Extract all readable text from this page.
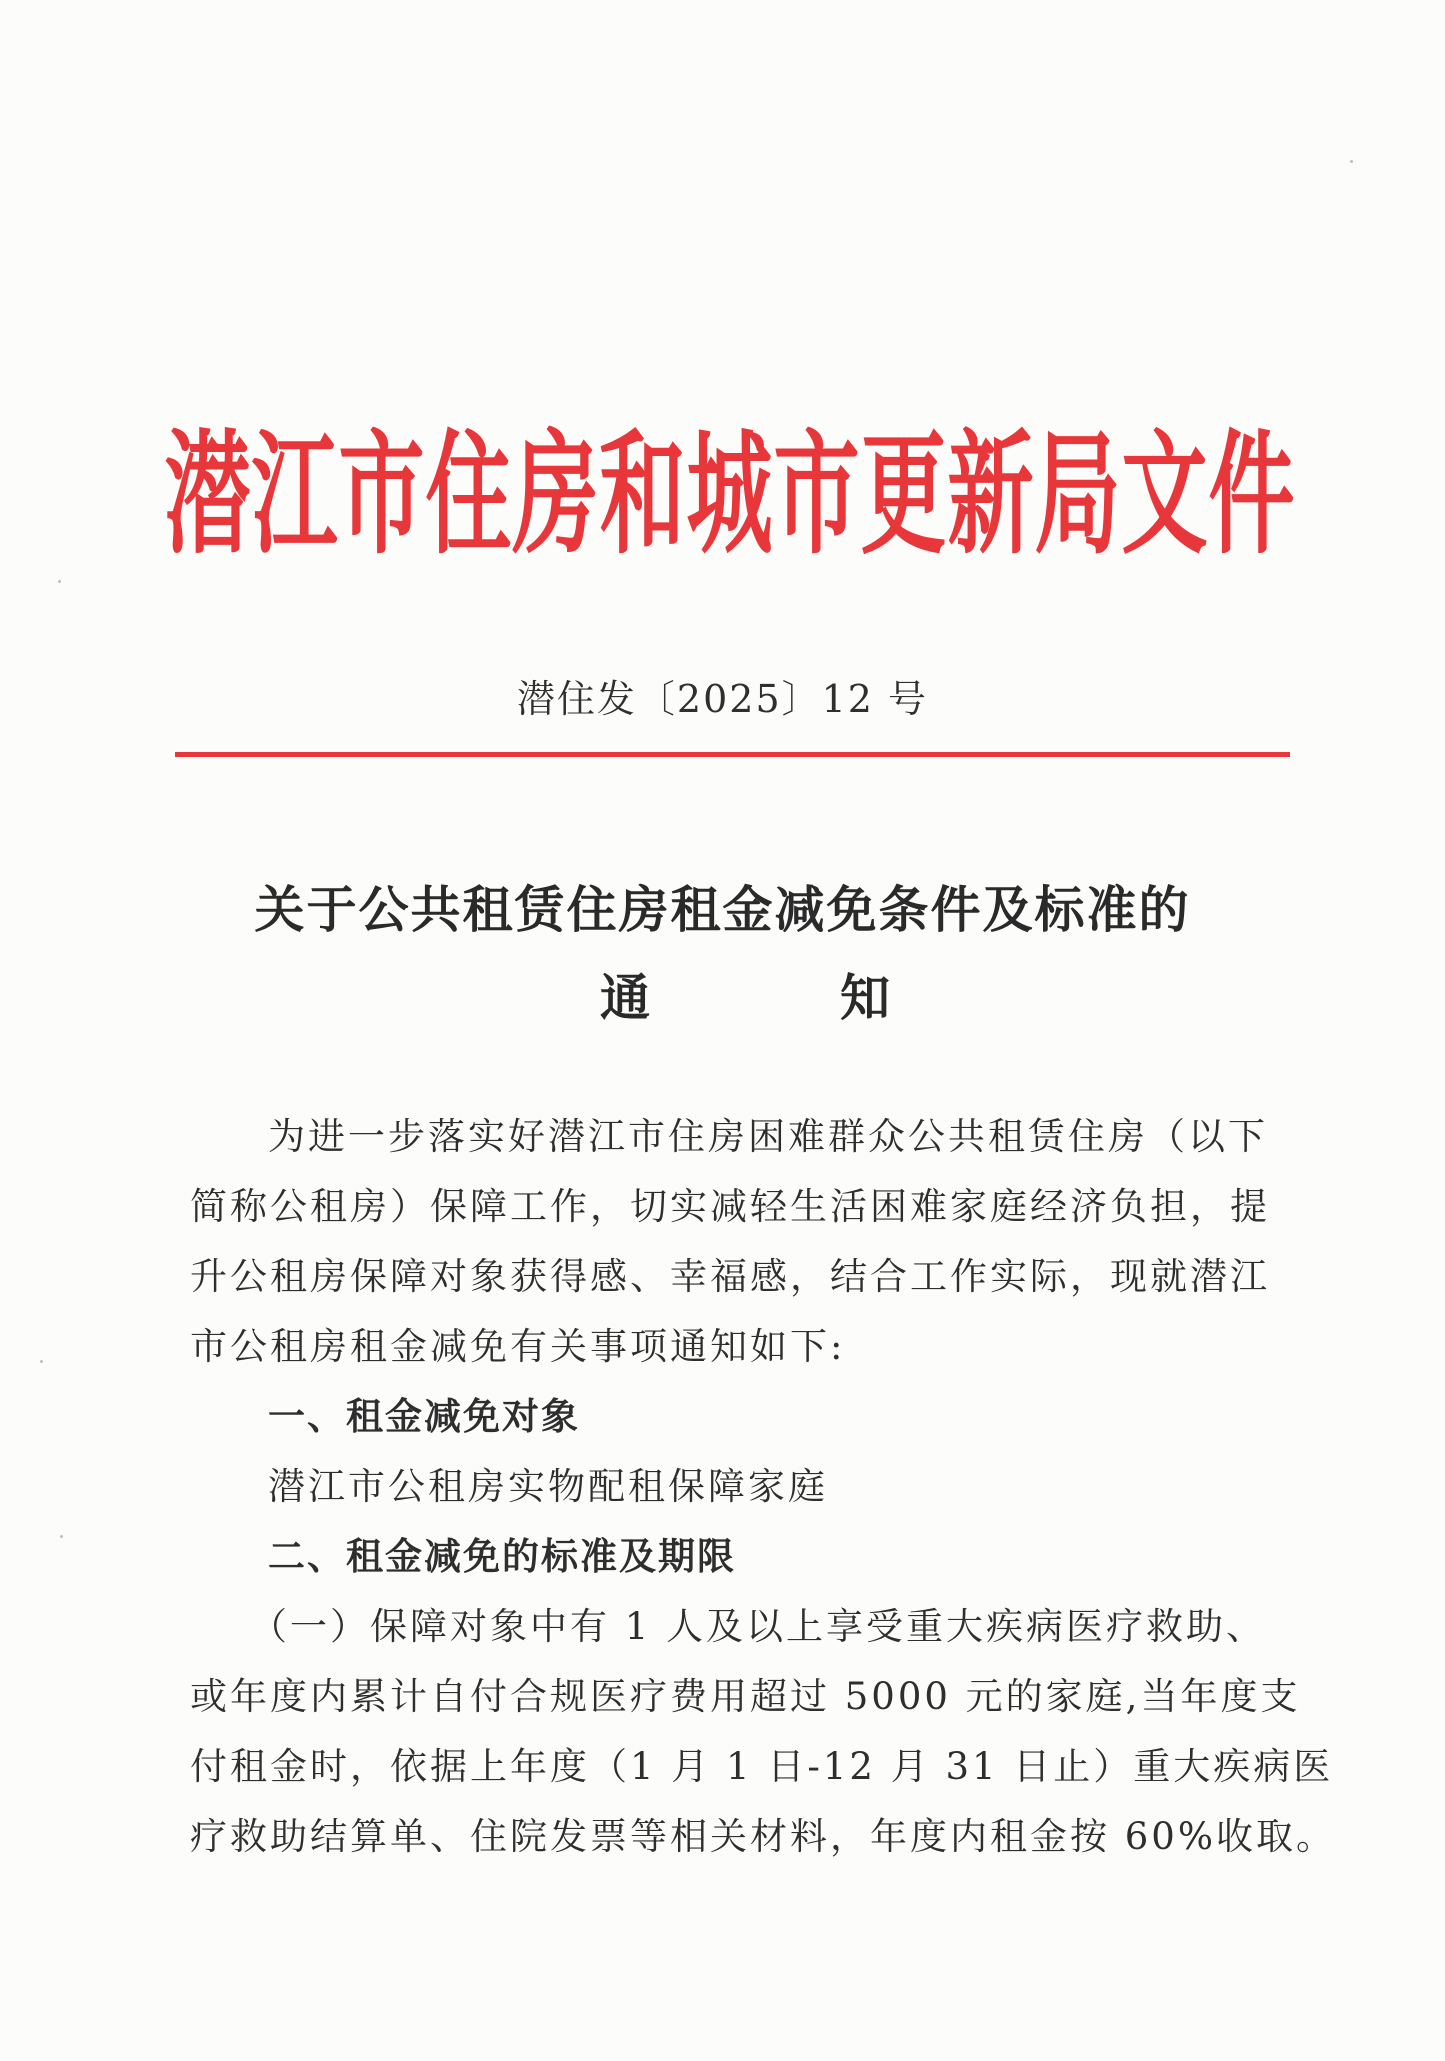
潜江市住房和城市更新局文件
潜住发〔2025〕12 号
关于公共租赁住房租金减免条件及标准的
通	知
为进一步落实好潜江市住房困难群众公共租赁住房（以下
简称公租房）保障工作，切实减轻生活困难家庭经济负担，提
升公租房保障对象获得感、幸福感，结合工作实际，现就潜江
市公租房租金减免有关事项通知如下:
一、租金减免对象
潜江市公租房实物配租保障家庭
二、租金减免的标准及期限
（一）保障对象中有 1 人及以上享受重大疾病医疗救助、
或年度内累计自付合规医疗费用超过 5000 元的家庭,当年度支
付租金时，依据上年度（1 月 1 日-12 月 31 日止）重大疾病医
疗救助结算单、住院发票等相关材料，年度内租金按 60%收取。
